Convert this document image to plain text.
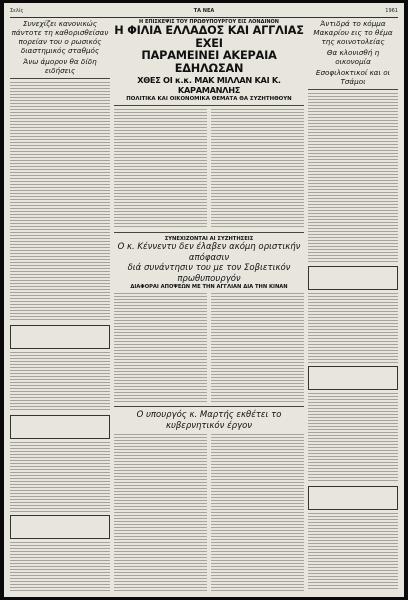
Σελίς	ΤΑ ΝΕΑ	1961
Συνεχίζει κανονικώς πάντοτε τη καθορισθείσαν πορείαν του ο ρωσικός διαστημικός σταθμός
Άνω άμορον θα δίδη ειδήσεις
Η ΕΠΙΣΚΕΨΙΣ ΤΟΥ ΠΡΩΘΥΠΟΥΡΓΟΥ ΕΙΣ ΛΟΝΔΙΝΟΝ
Η ΦΙΛΙΑ ΕΛΛΑΔΟΣ ΚΑΙ ΑΓΓΛΙΑΣ ΕΧΕΙ
ΠΑΡΑΜΕΙΝΕΙ ΑΚΕΡΑΙΑ ΕΔΗΛΩΣΑΝ
ΧΘΕΣ ΟΙ κ.κ. ΜΑΚ ΜΙΛΛΑΝ ΚΑΙ Κ. ΚΑΡΑΜΑΝΛΗΣ
ΠΟΛΙΤΙΚΑ ΚΑΙ ΟΙΚΟΝΟΜΙΚΑ ΘΕΜΑΤΑ ΘΑ ΣΥΖΗΤΗΘΟΥΝ
ΣΥΝΕΧΙΖΟΝΤΑΙ ΑΙ ΣΥΖΗΤΗΣΕΙΣ
Ο κ. Κέννεντυ δεν έλαβεν ακόμη οριστικήν απόφασιν
διά συνάντησιν του με τον Σοβιετικόν πρωθυπουργόν
ΔΙΑΦΟΡΑΙ ΑΠΟΨΕΩΝ ΜΕ ΤΗΝ ΑΓΓΛΙΑΝ ΔΙΑ ΤΗΝ ΚΙΝΑΝ
Ο υπουργός κ. Μαρτής εκθέτει το κυβερνητικόν έργον
Άντιδρά το κόμμα Μακαρίου εις το θέμα της κοινοτολείας
Θα κλονισθή η οικονομία
Εσοφιλοκτικοί και οι Τσάμοι
